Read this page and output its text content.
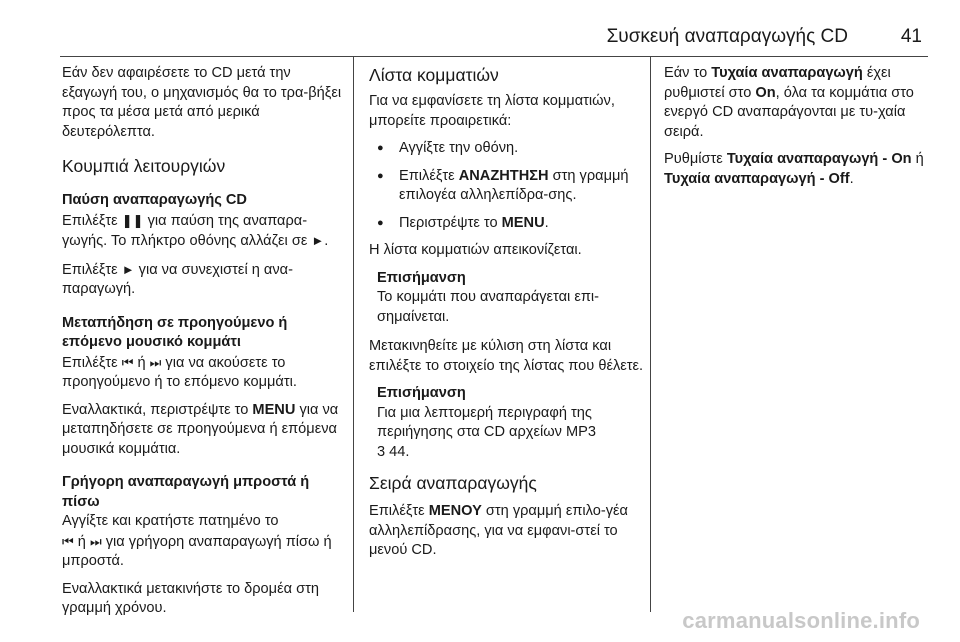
Συσκευή αναπαραγωγής CD	41

Εάν δεν αφαιρέσετε το CD μετά την εξαγωγή του, ο μηχανισμός θα το τρα-βήξει προς τα μέσα μετά από μερικά δευτερόλεπτα.

Κουμπιά λειτουργιών
Παύση αναπαραγωγής CD

Επιλέξτε ❚❚ για παύση της αναπαρα-γωγής. Το πλήκτρο οθόνης αλλάζει σε ►.

Επιλέξτε ► για να συνεχιστεί η ανα-παραγωγή.

Μεταπήδηση σε προηγούμενο ή επόμενο μουσικό κομμάτι

Επιλέξτε ⏮ ή ⏭ για να ακούσετε το προηγούμενο ή το επόμενο κομμάτι.

Εναλλακτικά, περιστρέψτε το MENU για να μεταπηδήσετε σε προηγούμενα ή επόμενα μουσικά κομμάτια.

Γρήγορη αναπαραγωγή μπροστά ή πίσω

Αγγίξτε και κρατήστε πατημένο το
⏮ ή ⏭ για γρήγορη αναπαραγωγή πίσω ή μπροστά.

Εναλλακτικά μετακινήστε το δρομέα στη γραμμή χρόνου.

Λίστα κομματιών

Για να εμφανίσετε τη λίστα κομματιών, μπορείτε προαιρετικά:

● Αγγίξτε την οθόνη.
● Επιλέξτε ΑΝΑΖΗΤΗΣΗ στη γραμμή επιλογέα αλληλεπίδρα-σης.
● Περιστρέψτε το MENU.

Η λίστα κομματιών απεικονίζεται.

Επισήμανση
Το κομμάτι που αναπαράγεται επι-σημαίνεται.

Μετακινηθείτε με κύλιση στη λίστα και επιλέξτε το στοιχείο της λίστας που θέλετε.

Επισήμανση
Για μια λεπτομερή περιγραφή της περιήγησης στα CD αρχείων MP3
3 44.
Σειρά αναπαραγωγής

Επιλέξτε ΜΕΝΟΥ στη γραμμή επιλο-γέα αλληλεπίδρασης, για να εμφανι-στεί το μενού CD.

Εάν το Τυχαία αναπαραγωγή έχει ρυθμιστεί στο On, όλα τα κομμάτια στο ενεργό CD αναπαράγονται με τυ-χαία σειρά.

Ρυθμίστε Τυχαία αναπαραγωγή - On ή Τυχαία αναπαραγωγή - Off.

carmanualsonline.info
